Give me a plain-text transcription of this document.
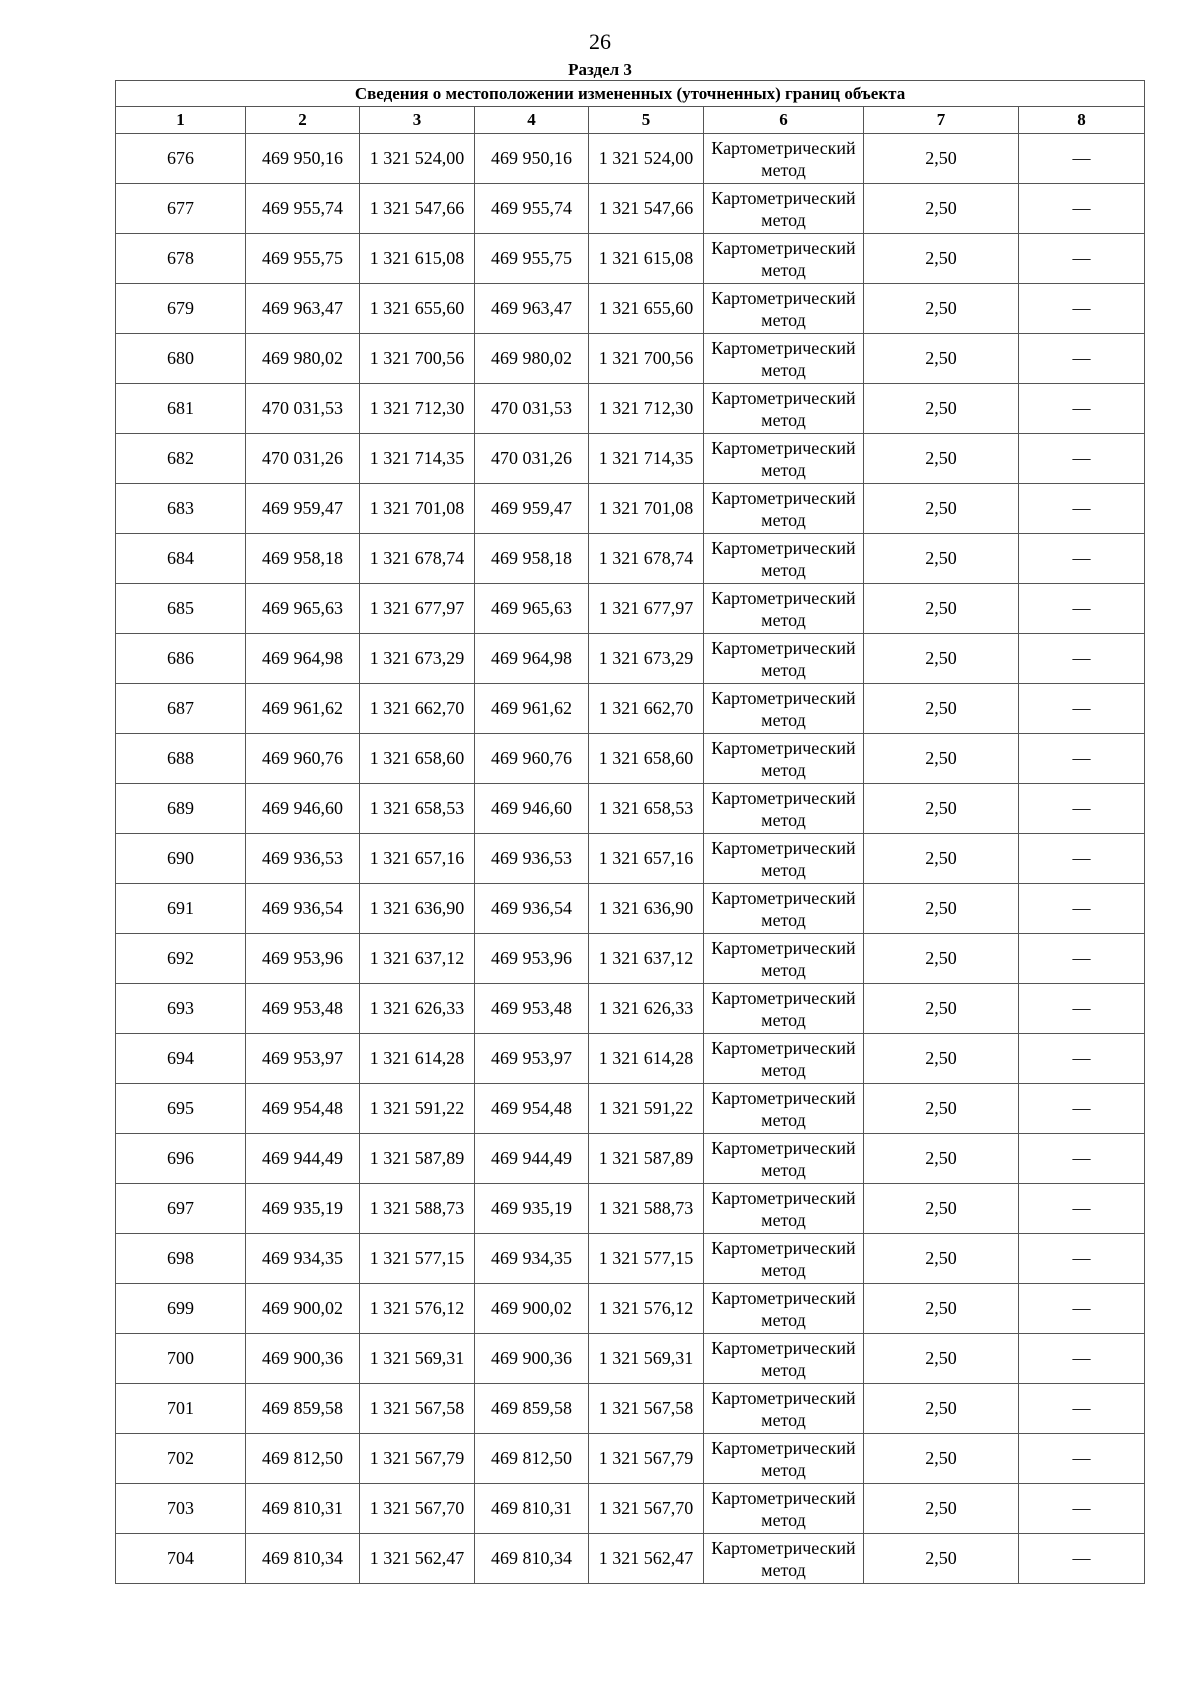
26
Раздел 3
Сведения о местоположении измененных (уточненных) границ объекта							
1	2	3	4	5	6	7	8
676	469 950,16	1 321 524,00	469 950,16	1 321 524,00	Картометрический метод	2,50	—
677	469 955,74	1 321 547,66	469 955,74	1 321 547,66	Картометрический метод	2,50	—
678	469 955,75	1 321 615,08	469 955,75	1 321 615,08	Картометрический метод	2,50	—
679	469 963,47	1 321 655,60	469 963,47	1 321 655,60	Картометрический метод	2,50	—
680	469 980,02	1 321 700,56	469 980,02	1 321 700,56	Картометрический метод	2,50	—
681	470 031,53	1 321 712,30	470 031,53	1 321 712,30	Картометрический метод	2,50	—
682	470 031,26	1 321 714,35	470 031,26	1 321 714,35	Картометрический метод	2,50	—
683	469 959,47	1 321 701,08	469 959,47	1 321 701,08	Картометрический метод	2,50	—
684	469 958,18	1 321 678,74	469 958,18	1 321 678,74	Картометрический метод	2,50	—
685	469 965,63	1 321 677,97	469 965,63	1 321 677,97	Картометрический метод	2,50	—
686	469 964,98	1 321 673,29	469 964,98	1 321 673,29	Картометрический метод	2,50	—
687	469 961,62	1 321 662,70	469 961,62	1 321 662,70	Картометрический метод	2,50	—
688	469 960,76	1 321 658,60	469 960,76	1 321 658,60	Картометрический метод	2,50	—
689	469 946,60	1 321 658,53	469 946,60	1 321 658,53	Картометрический метод	2,50	—
690	469 936,53	1 321 657,16	469 936,53	1 321 657,16	Картометрический метод	2,50	—
691	469 936,54	1 321 636,90	469 936,54	1 321 636,90	Картометрический метод	2,50	—
692	469 953,96	1 321 637,12	469 953,96	1 321 637,12	Картометрический метод	2,50	—
693	469 953,48	1 321 626,33	469 953,48	1 321 626,33	Картометрический метод	2,50	—
694	469 953,97	1 321 614,28	469 953,97	1 321 614,28	Картометрический метод	2,50	—
695	469 954,48	1 321 591,22	469 954,48	1 321 591,22	Картометрический метод	2,50	—
696	469 944,49	1 321 587,89	469 944,49	1 321 587,89	Картометрический метод	2,50	—
697	469 935,19	1 321 588,73	469 935,19	1 321 588,73	Картометрический метод	2,50	—
698	469 934,35	1 321 577,15	469 934,35	1 321 577,15	Картометрический метод	2,50	—
699	469 900,02	1 321 576,12	469 900,02	1 321 576,12	Картометрический метод	2,50	—
700	469 900,36	1 321 569,31	469 900,36	1 321 569,31	Картометрический метод	2,50	—
701	469 859,58	1 321 567,58	469 859,58	1 321 567,58	Картометрический метод	2,50	—
702	469 812,50	1 321 567,79	469 812,50	1 321 567,79	Картометрический метод	2,50	—
703	469 810,31	1 321 567,70	469 810,31	1 321 567,70	Картометрический метод	2,50	—
704	469 810,34	1 321 562,47	469 810,34	1 321 562,47	Картометрический метод	2,50	—
